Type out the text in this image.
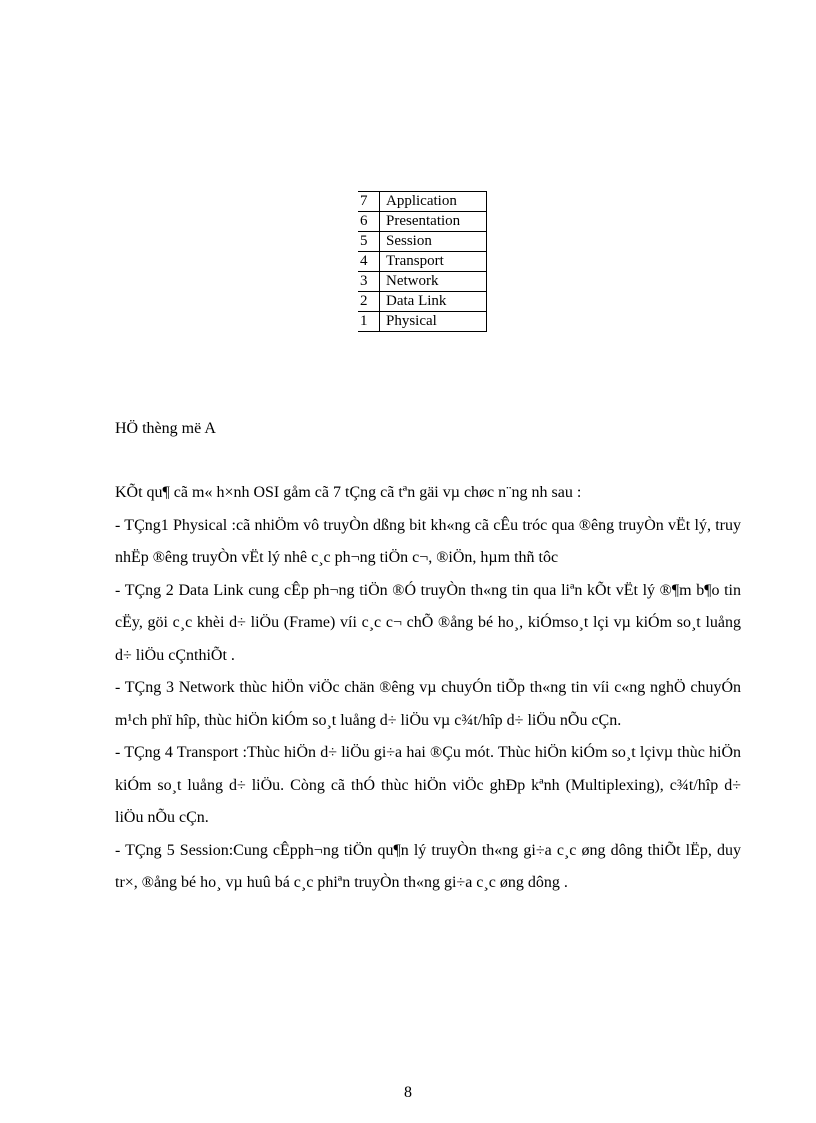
7	Application
6	Presentation
5	Session
4	Transport
3	Network
2	Data Link
1	Physical
HÖ thèng më A

KÕt qu¶ cã m« h×nh OSI gåm cã 7 tÇng cã tªn gäi vµ chøc n¨ng nh sau :

- TÇng1 Physical :cã nhiÖm vô truyÒn dßng bit kh«ng cã cÊu tróc qua ®êng truyÒn vËt lý, truy nhËp ®êng truyÒn vËt lý nhê c¸c ph¬ng tiÖn c¬, ®iÖn, hµm thñ tôc

- TÇng 2 Data Link cung cÊp ph¬ng tiÖn ®Ó truyÒn th«ng tin qua liªn kÕt vËt lý ®¶m b¶o tin cËy, göi c¸c khèi d÷ liÖu (Frame) víi c¸c c¬ chÕ ®ång bé ho¸, kiÓmso¸t lçi vµ kiÓm so¸t luång d÷ liÖu cÇnthiÕt .

- TÇng 3 Network thùc hiÖn viÖc chän ®êng vµ chuyÓn tiÕp th«ng tin víi c«ng nghÖ chuyÓn m¹ch phï hîp, thùc hiÖn kiÓm so¸t luång d÷ liÖu vµ c¾t/hîp d÷ liÖu nÕu cÇn.

- TÇng 4 Transport :Thùc hiÖn d÷ liÖu gi÷a hai ®Çu mót. Thùc hiÖn kiÓm so¸t lçivµ thùc hiÖn kiÓm so¸t luång d÷ liÖu. Còng cã thÓ thùc hiÖn viÖc ghÐp kªnh (Multiplexing), c¾t/hîp d÷ liÖu nÕu cÇn.

- TÇng 5 Session:Cung cÊpph¬ng tiÖn qu¶n lý truyÒn th«ng gi÷a c¸c øng dông thiÕt lËp, duy tr×, ®ång bé ho¸ vµ huû bá c¸c phiªn truyÒn th«ng gi÷a c¸c øng dông .

8
